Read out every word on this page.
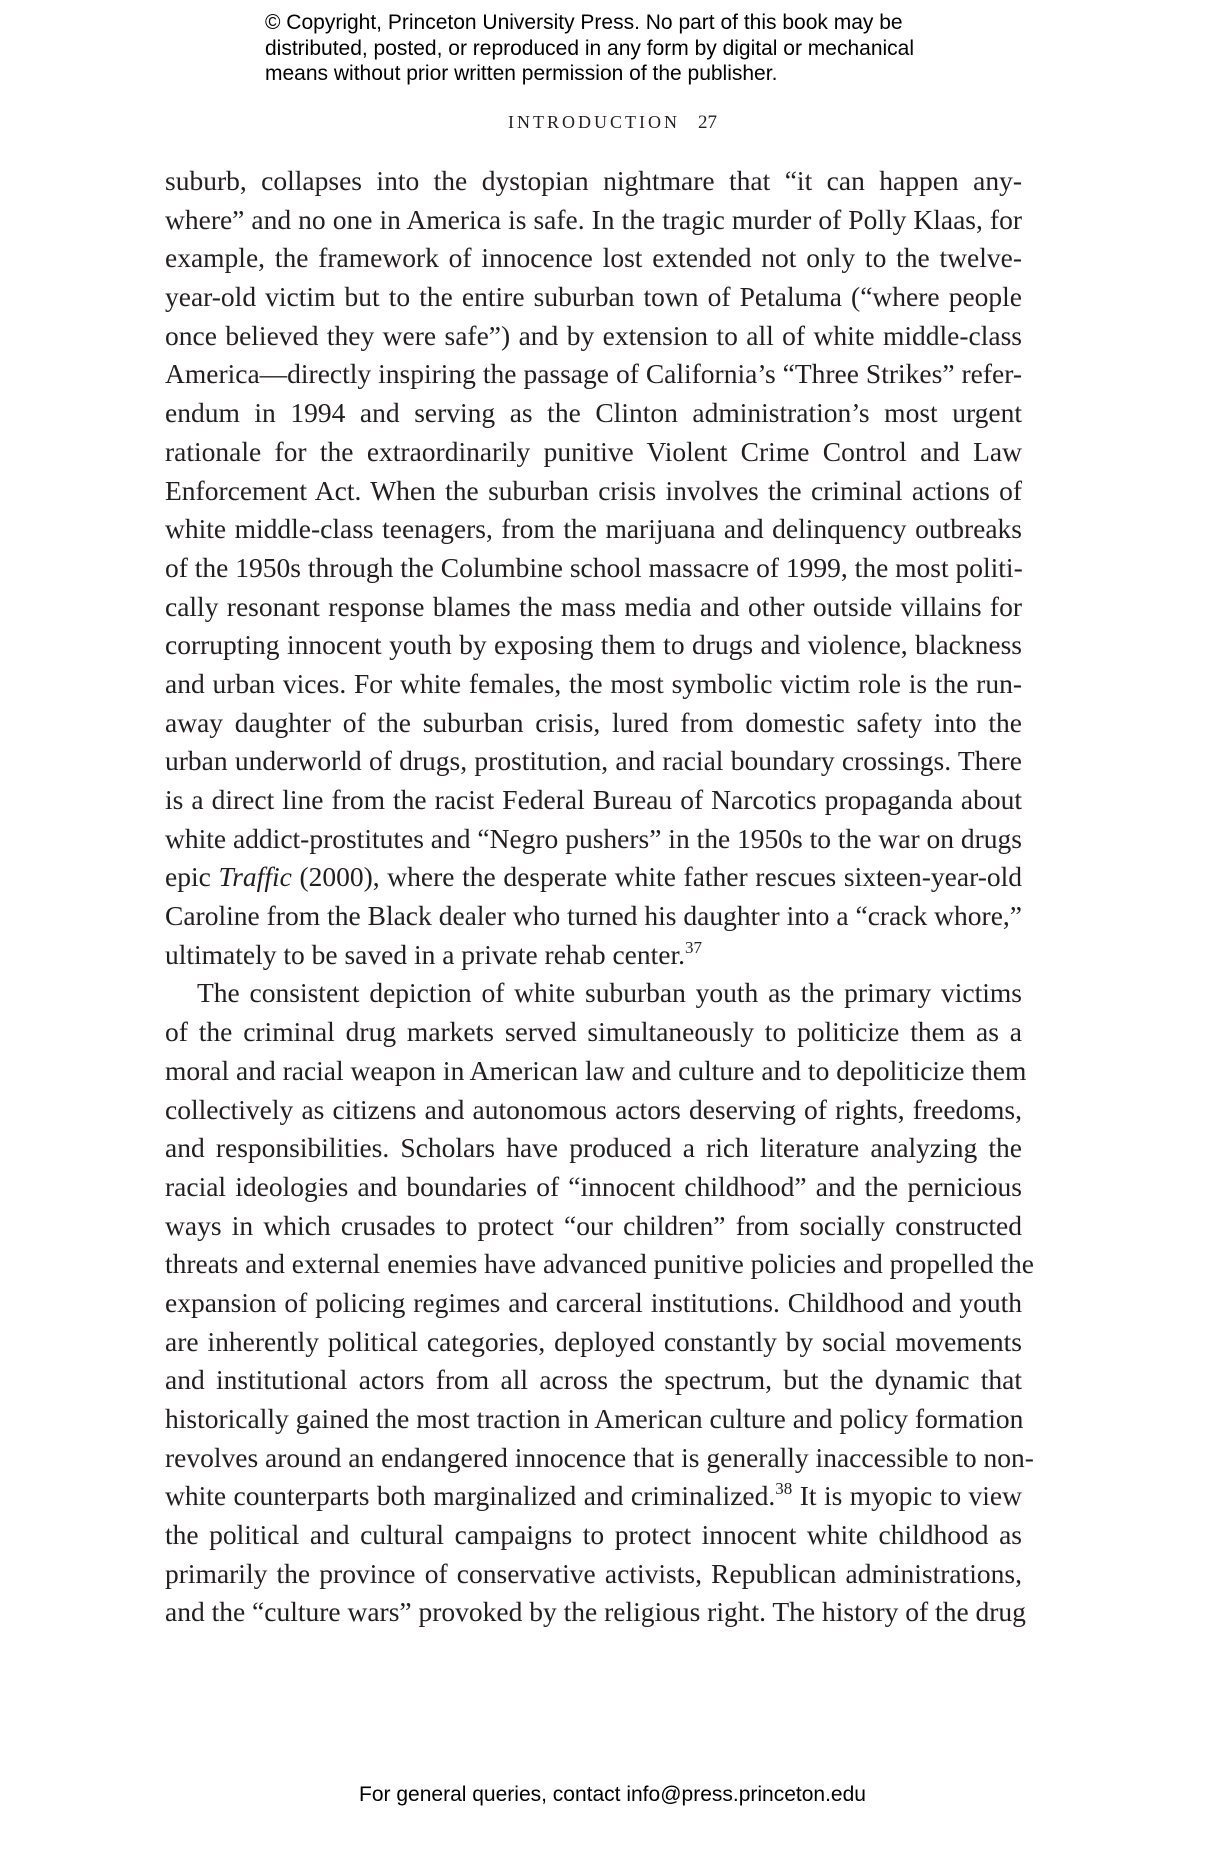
© Copyright, Princeton University Press. No part of this book may be
distributed, posted, or reproduced in any form by digital or mechanical
means without prior written permission of the publisher.
INTRODUCTION 27
suburb, collapses into the dystopian nightmare that “it can happen any-
where” and no one in America is safe. In the tragic murder of Polly Klaas, for
example, the framework of innocence lost extended not only to the twelve-
year-old victim but to the entire suburban town of Petaluma (“where people
once believed they were safe”) and by extension to all of white middle-class
America—directly inspiring the passage of California’s “Three Strikes” refer-
endum in 1994 and serving as the Clinton administration’s most urgent
rationale for the extraordinarily punitive Violent Crime Control and Law
Enforcement Act. When the suburban crisis involves the criminal actions of
white middle-class teenagers, from the marijuana and delinquency outbreaks
of the 1950s through the Columbine school massacre of 1999, the most politi-
cally resonant response blames the mass media and other outside villains for
corrupting innocent youth by exposing them to drugs and violence, blackness
and urban vices. For white females, the most symbolic victim role is the run-
away daughter of the suburban crisis, lured from domestic safety into the
urban underworld of drugs, prostitution, and racial boundary crossings. There
is a direct line from the racist Federal Bureau of Narcotics propaganda about
white addict-prostitutes and “Negro pushers” in the 1950s to the war on drugs
epic Traffic (2000), where the desperate white father rescues sixteen-year-old
Caroline from the Black dealer who turned his daughter into a “crack whore,”
ultimately to be saved in a private rehab center.$^{37}$
The consistent depiction of white suburban youth as the primary victims
of the criminal drug markets served simultaneously to politicize them as a
moral and racial weapon in American law and culture and to depoliticize them
collectively as citizens and autonomous actors deserving of rights, freedoms,
and responsibilities. Scholars have produced a rich literature analyzing the
racial ideologies and boundaries of “innocent childhood” and the pernicious
ways in which crusades to protect “our children” from socially constructed
threats and external enemies have advanced punitive policies and propelled the
expansion of policing regimes and carceral institutions. Childhood and youth
are inherently political categories, deployed constantly by social movements
and institutional actors from all across the spectrum, but the dynamic that
historically gained the most traction in American culture and policy formation
revolves around an endangered innocence that is generally inaccessible to non-
white counterparts both marginalized and criminalized.$^{38}$ It is myopic to view
the political and cultural campaigns to protect innocent white childhood as
primarily the province of conservative activists, Republican administrations,
and the “culture wars” provoked by the religious right. The history of the drug
For general queries, contact info@press.princeton.edu
